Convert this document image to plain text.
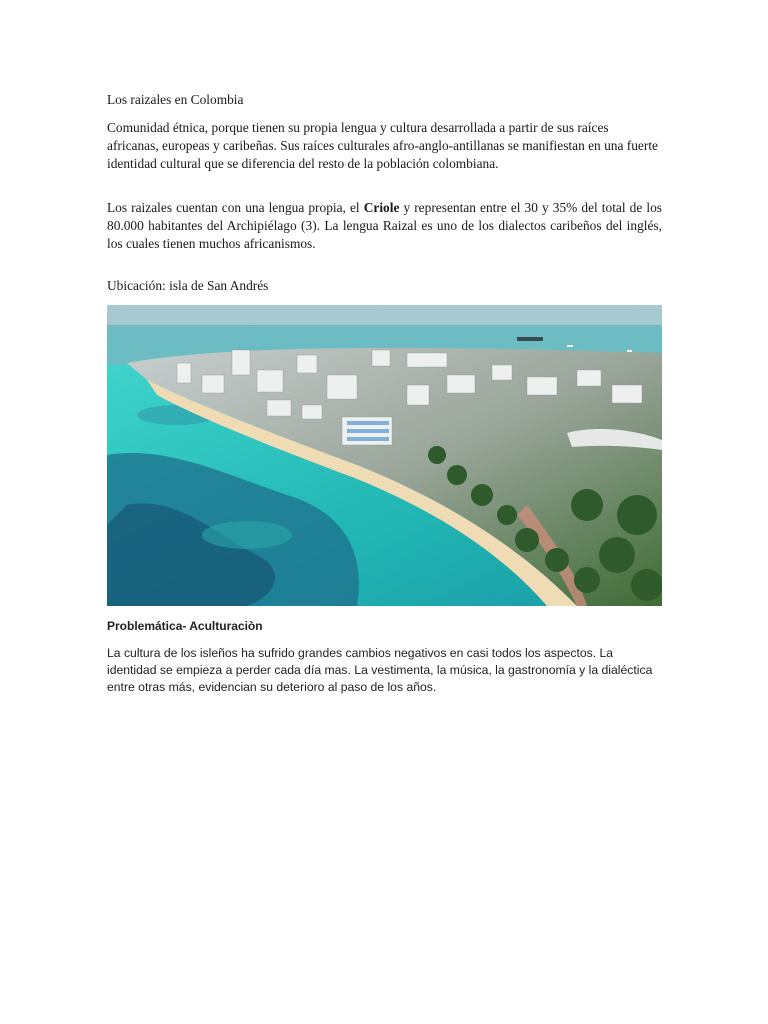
Los raizales en Colombia

Comunidad étnica, porque tienen su propia lengua y cultura desarrollada a partir de sus raíces africanas, europeas y caribeñas. Sus raíces culturales afro-anglo-antillanas se manifiestan en una fuerte identidad cultural que se diferencia del resto de la población colombiana.

Los raizales cuentan con una lengua propia, el Criole y representan entre el 30 y 35% del total de los 80.000 habitantes del Archipiélago (3). La lengua Raizal es uno de los dialectos caribeños del inglés, los cuales tienen muchos africanismos.

Ubicación: isla de San Andrés

Problemática- Aculturaciòn

La cultura de los isleños ha sufrido grandes cambios negativos en casi todos los aspectos. La identidad se empieza a perder cada día mas. La vestimenta, la música, la gastronomía y la dialéctica entre otras más, evidencian su deterioro al paso de los años.
